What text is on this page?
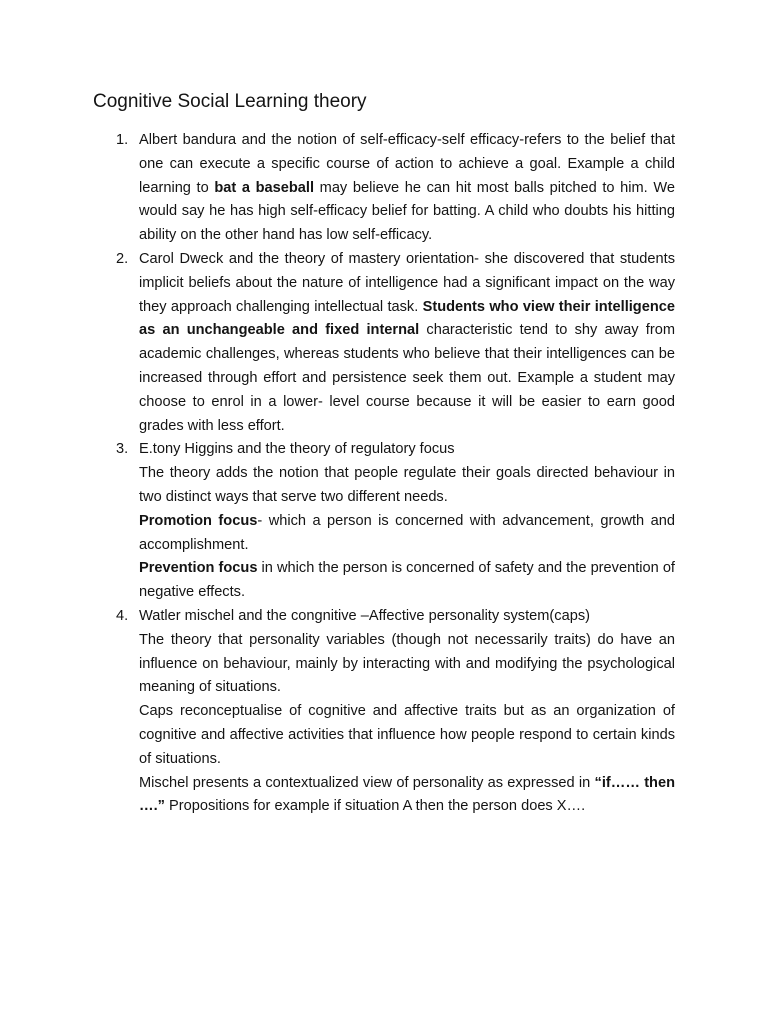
Cognitive Social Learning theory
1. Albert bandura and the notion of self-efficacy-self efficacy-refers to the belief that one can execute a specific course of action to achieve a goal. Example a child learning to bat a baseball may believe he can hit most balls pitched to him. We would say he has high self-efficacy belief for batting. A child who doubts his hitting ability on the other hand has low self-efficacy.

2. Carol Dweck and the theory of mastery orientation- she discovered that students implicit beliefs about the nature of intelligence had a significant impact on the way they approach challenging intellectual task. Students who view their intelligence as an unchangeable and fixed internal characteristic tend to shy away from academic challenges, whereas students who believe that their intelligences can be increased through effort and persistence seek them out. Example a student may choose to enrol in a lower- level course because it will be easier to earn good grades with less effort.

3. E.tony Higgins and the theory of regulatory focus

The theory adds the notion that people regulate their goals directed behaviour in two distinct ways that serve two different needs.

Promotion focus- which a person is concerned with advancement, growth and accomplishment.

Prevention focus in which the person is concerned of safety and the prevention of negative effects.

4. Watler mischel and the congnitive –Affective personality system(caps)

The theory that personality variables (though not necessarily traits) do have an influence on behaviour, mainly by interacting with and modifying the psychological meaning of situations.

Caps reconceptualise of cognitive and affective traits but as an organization of cognitive and affective activities that influence how people respond to certain kinds of situations.

Mischel presents a contextualized view of personality as expressed in “if…… then ….” Propositions for example if situation A then the person does X….
